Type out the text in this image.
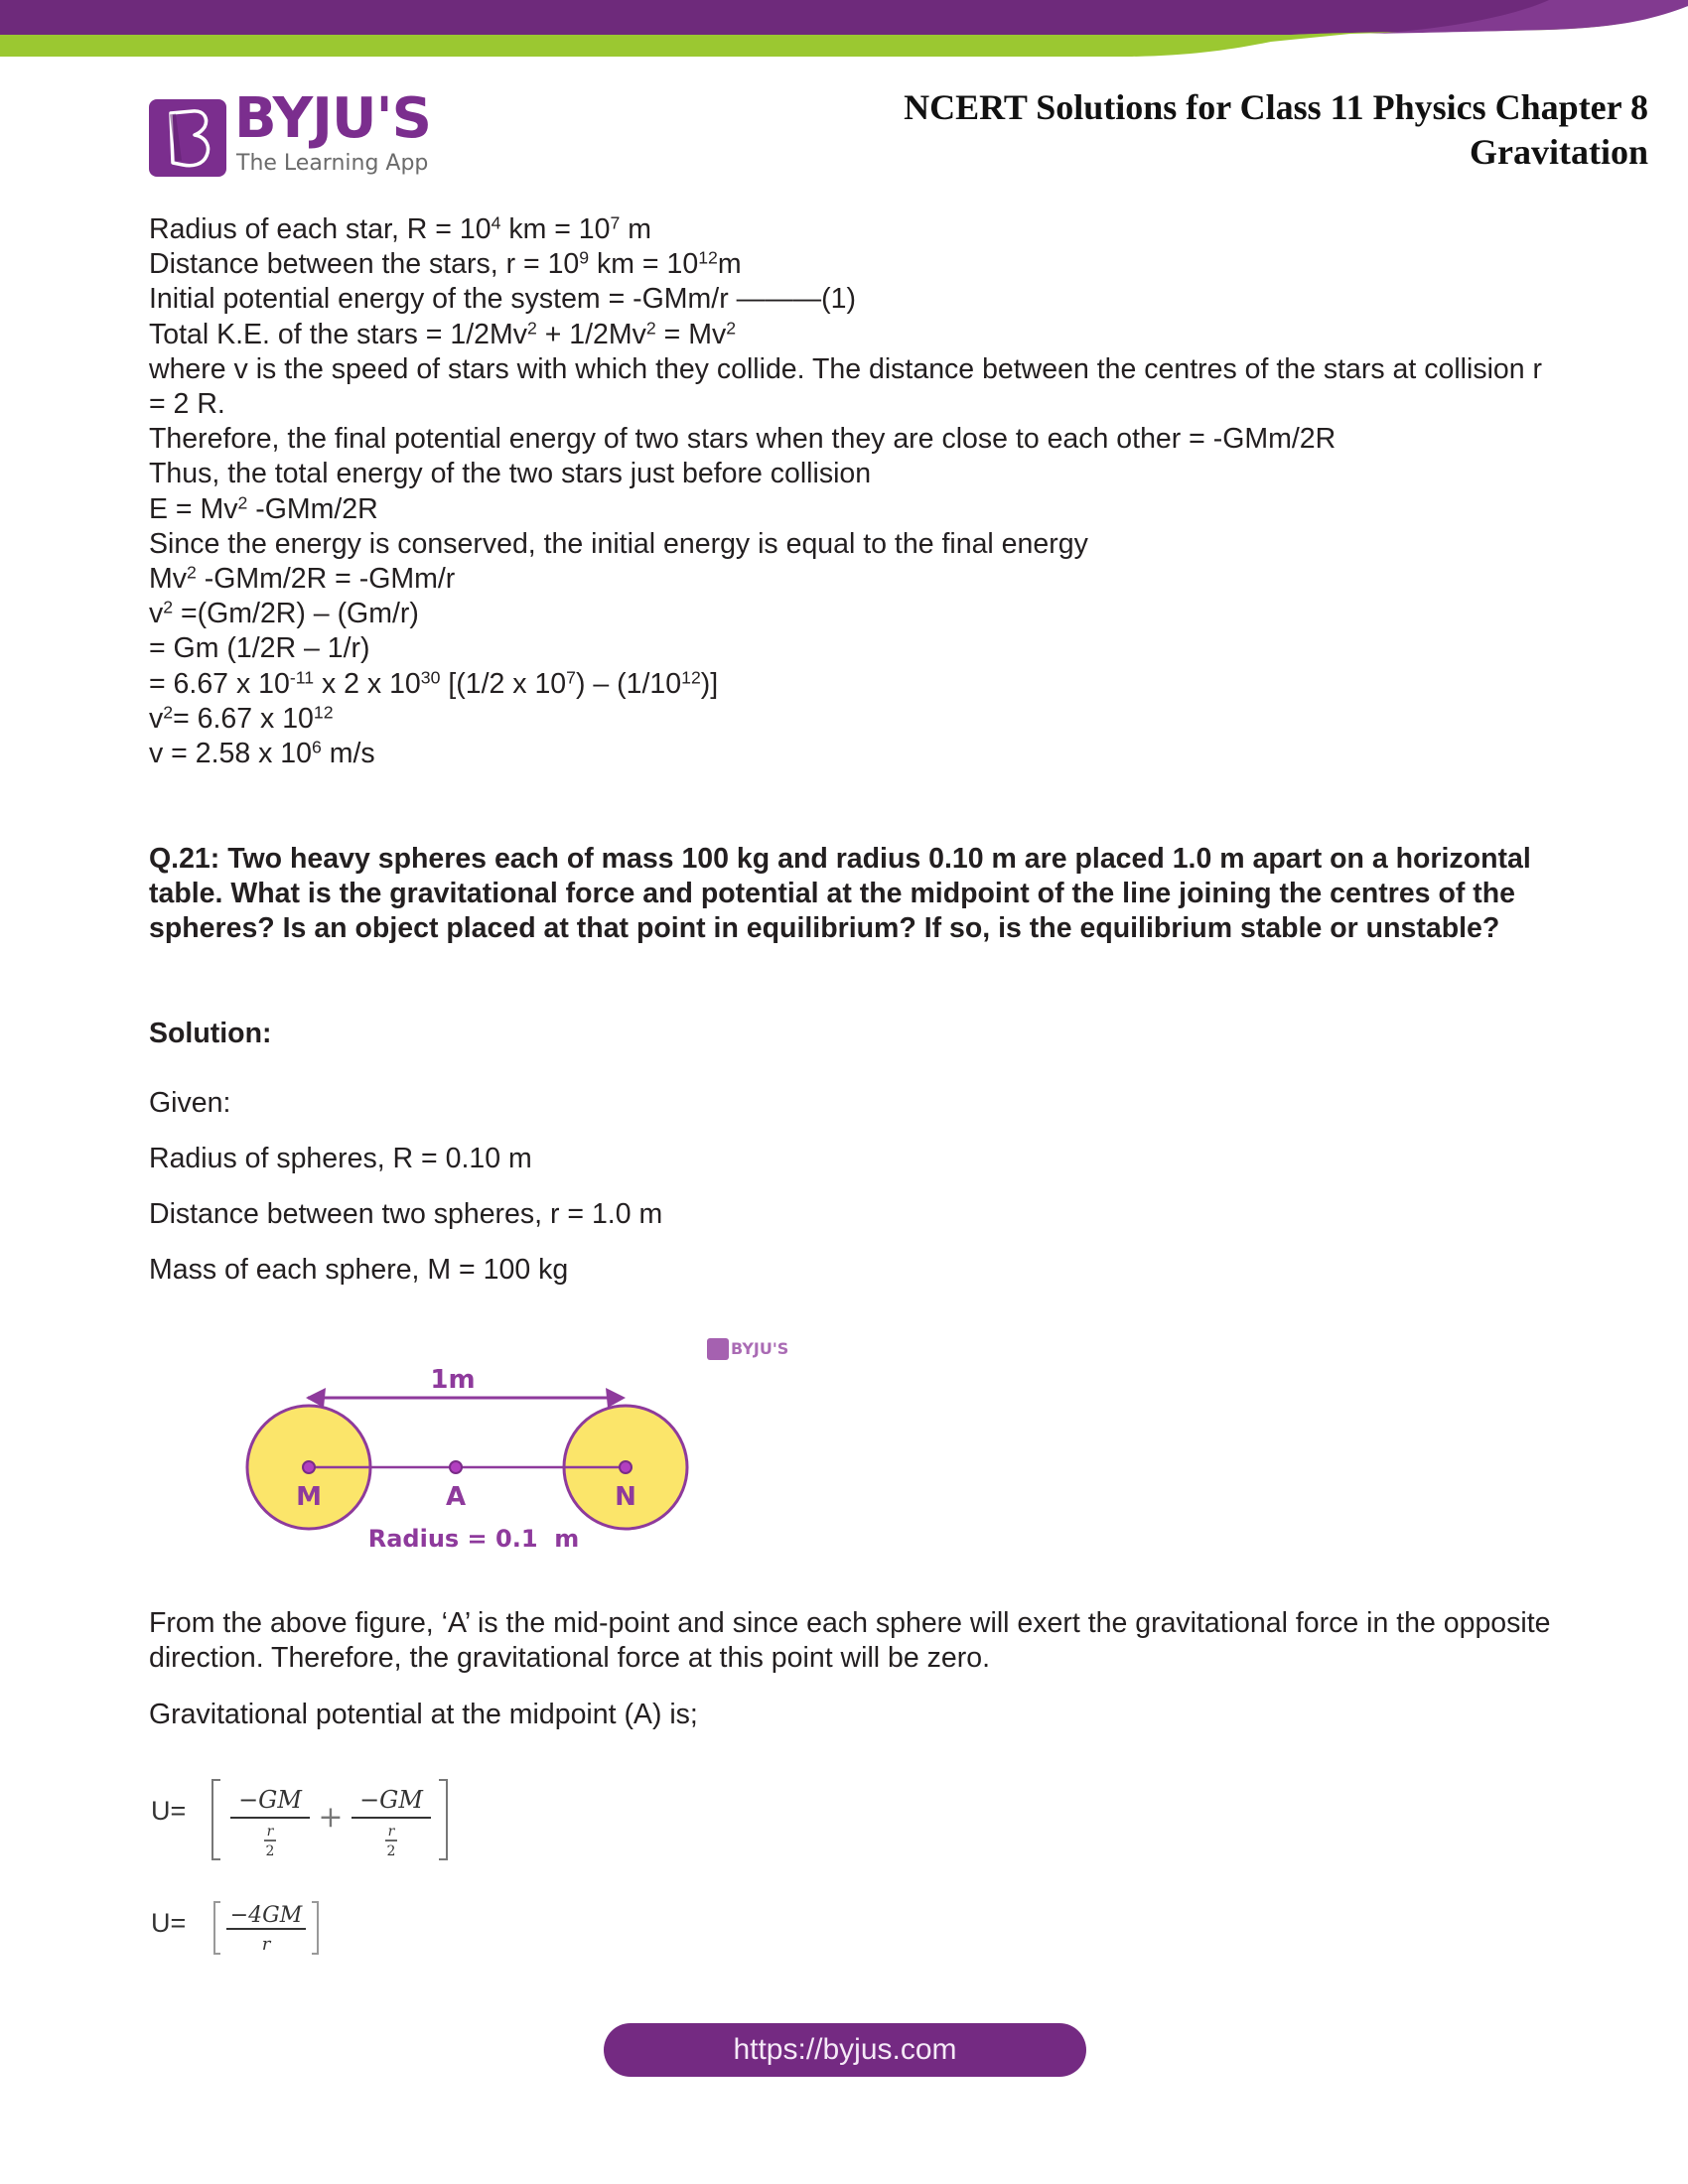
BYJU'S
The Learning App
NCERT Solutions for Class 11 Physics Chapter 8
Gravitation
Radius of each star, $R = 10^4$ km = $10^7$ m
Distance between the stars, $r = 10^9$ km = $10^{12}m$
Initial potential energy of the system = -GMm/r ———(1)
Total K.E. of the stars = $1/2Mv^2 + 1/2Mv^2 = Mv^2$
where v is the speed of stars with which they collide. The distance between the centres of the stars at collision r = 2 R.
Therefore, the final potential energy of two stars when they are close to each other = -GMm/2R
Thus, the total energy of the two stars just before collision
$E = Mv^2$ -GMm/2R
Since the energy is conserved, the initial energy is equal to the final energy
Mv$^2$ -GMm/2R = -GMm/r
$v^2 =(Gm/2R) - (Gm/r)$
= Gm (1/2R – 1/r)
= 6.67 x $10^{-11}$ x 2 x $10^{30}$ [(1/2 x $10^7) - (1/10^{12})$]
$v^2= 6.67$ x $10^{12}$
v = 2.58 x $10^6$ m/s
Q.21: Two heavy spheres each of mass 100 kg and radius 0.10 m are placed 1.0 m apart on a horizontal table. What is the gravitational force and potential at the midpoint of the line joining the centres of the spheres? Is an object placed at that point in equilibrium? If so, is the equilibrium stable or unstable?
Solution:
Given:
Radius of spheres, R = 0.10 m
Distance between two spheres, r = 1.0 m
Mass of each sphere, M = 100 kg
BYJU'S
1m
M	A	N
Radius = 0.1  m
From the above figure, ‘A’ is the mid-point and since each sphere will exert the gravitational force in the opposite direction. Therefore, the gravitational force at this point will be zero.
Gravitational potential at the midpoint (A) is;
U= −GM
r
2
+ −GM
r
2
U= −4GM
r
https://byjus.com
